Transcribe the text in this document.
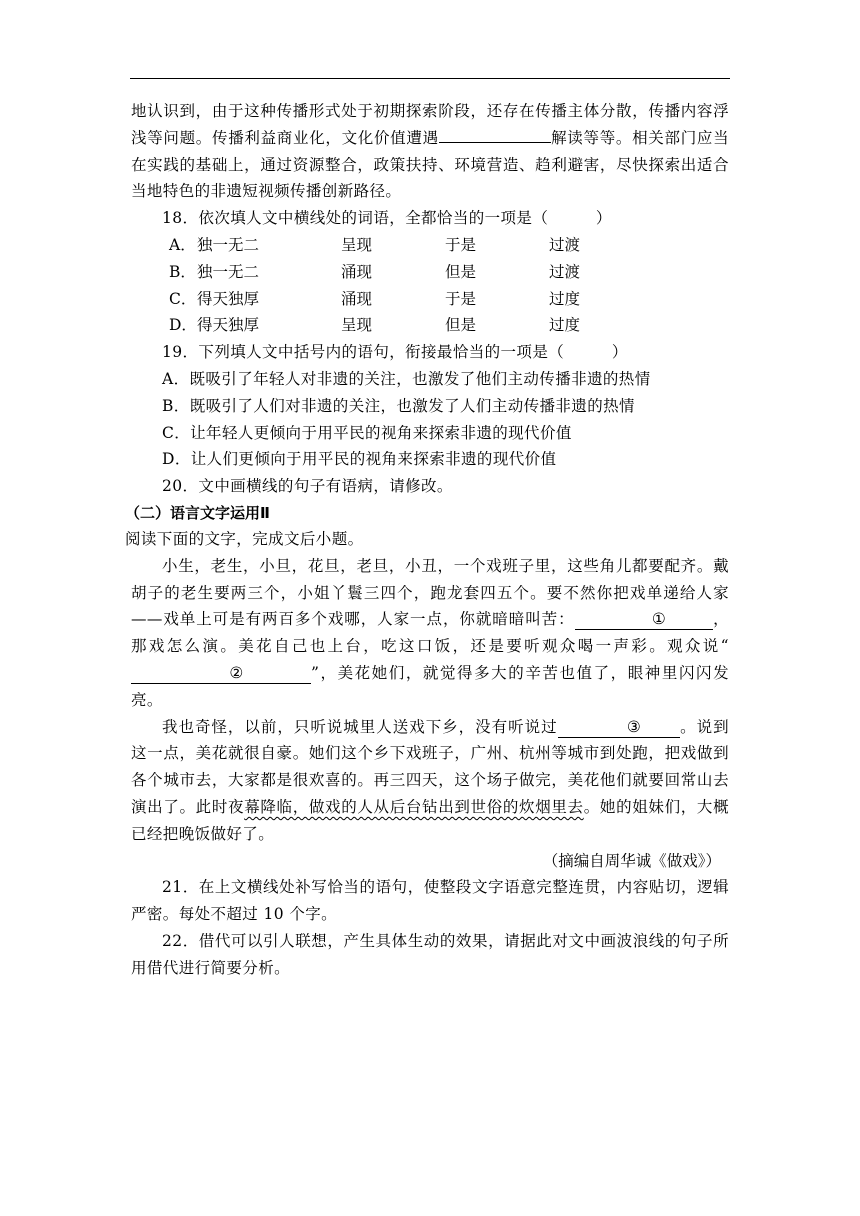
地认识到，由于这种传播形式处于初期探索阶段，还存在传播主体分散，传播内容浮浅等问题。传播利益商业化，文化价值遭遇	解读等等。相关部门应当在实践的基础上，通过资源整合，政策扶持、环境营造、趋利避害，尽快探索出适合当地特色的非遗短视频传播创新路径。

18．依次填人文中横线处的词语，全都恰当的一项是（　　　）

A．独一无二	呈现	于是	过渡

B．独一无二	涌现	但是	过渡

C．得天独厚	涌现	于是	过度

D．得天独厚	呈现	但是	过度

19．下列填人文中括号内的语句，衔接最恰当的一项是（　　　）

A．既吸引了年轻人对非遗的关注，也激发了他们主动传播非遗的热情

B．既吸引了人们对非遗的关注，也激发了人们主动传播非遗的热情

C．让年轻人更倾向于用平民的视角来探索非遗的现代价值

D．让人们更倾向于用平民的视角来探索非遗的现代价值

20．文中画横线的句子有语病，请修改。

（二）语言文字运用Ⅱ

阅读下面的文字，完成文后小题。

小生，老生，小旦，花旦，老旦，小丑，一个戏班子里，这些角儿都要配齐。戴胡子的老生要两三个，小姐丫鬟三四个，跑龙套四五个。要不然你把戏单递给人家——戏单上可是有两百多个戏哪，人家一点，你就暗暗叫苦：	①	，那戏怎么演。美花自己也上台，吃这口饭，还是要听观众喝一声彩。观众说“②	”，美花她们，就觉得多大的辛苦也值了，眼神里闪闪发亮。

我也奇怪，以前，只听说城里人送戏下乡，没有听说过	③ 。说到这一点，美花就很自豪。她们这个乡下戏班子，广州、杭州等城市到处跑，把戏做到各个城市去，大家都是很欢喜的。再三四天，这个场子做完，美花他们就要回常山去演出了。此时夜幕降临，做戏的人从后台钻出到世俗的炊烟里去。她的姐妹们，大概已经把晚饭做好了。

（摘编自周华诚《做戏》）

21．在上文横线处补写恰当的语句，使整段文字语意完整连贯，内容贴切，逻辑严密。每处不超过 10 个字。

22．借代可以引人联想，产生具体生动的效果，请据此对文中画波浪线的句子所用借代进行简要分析。
